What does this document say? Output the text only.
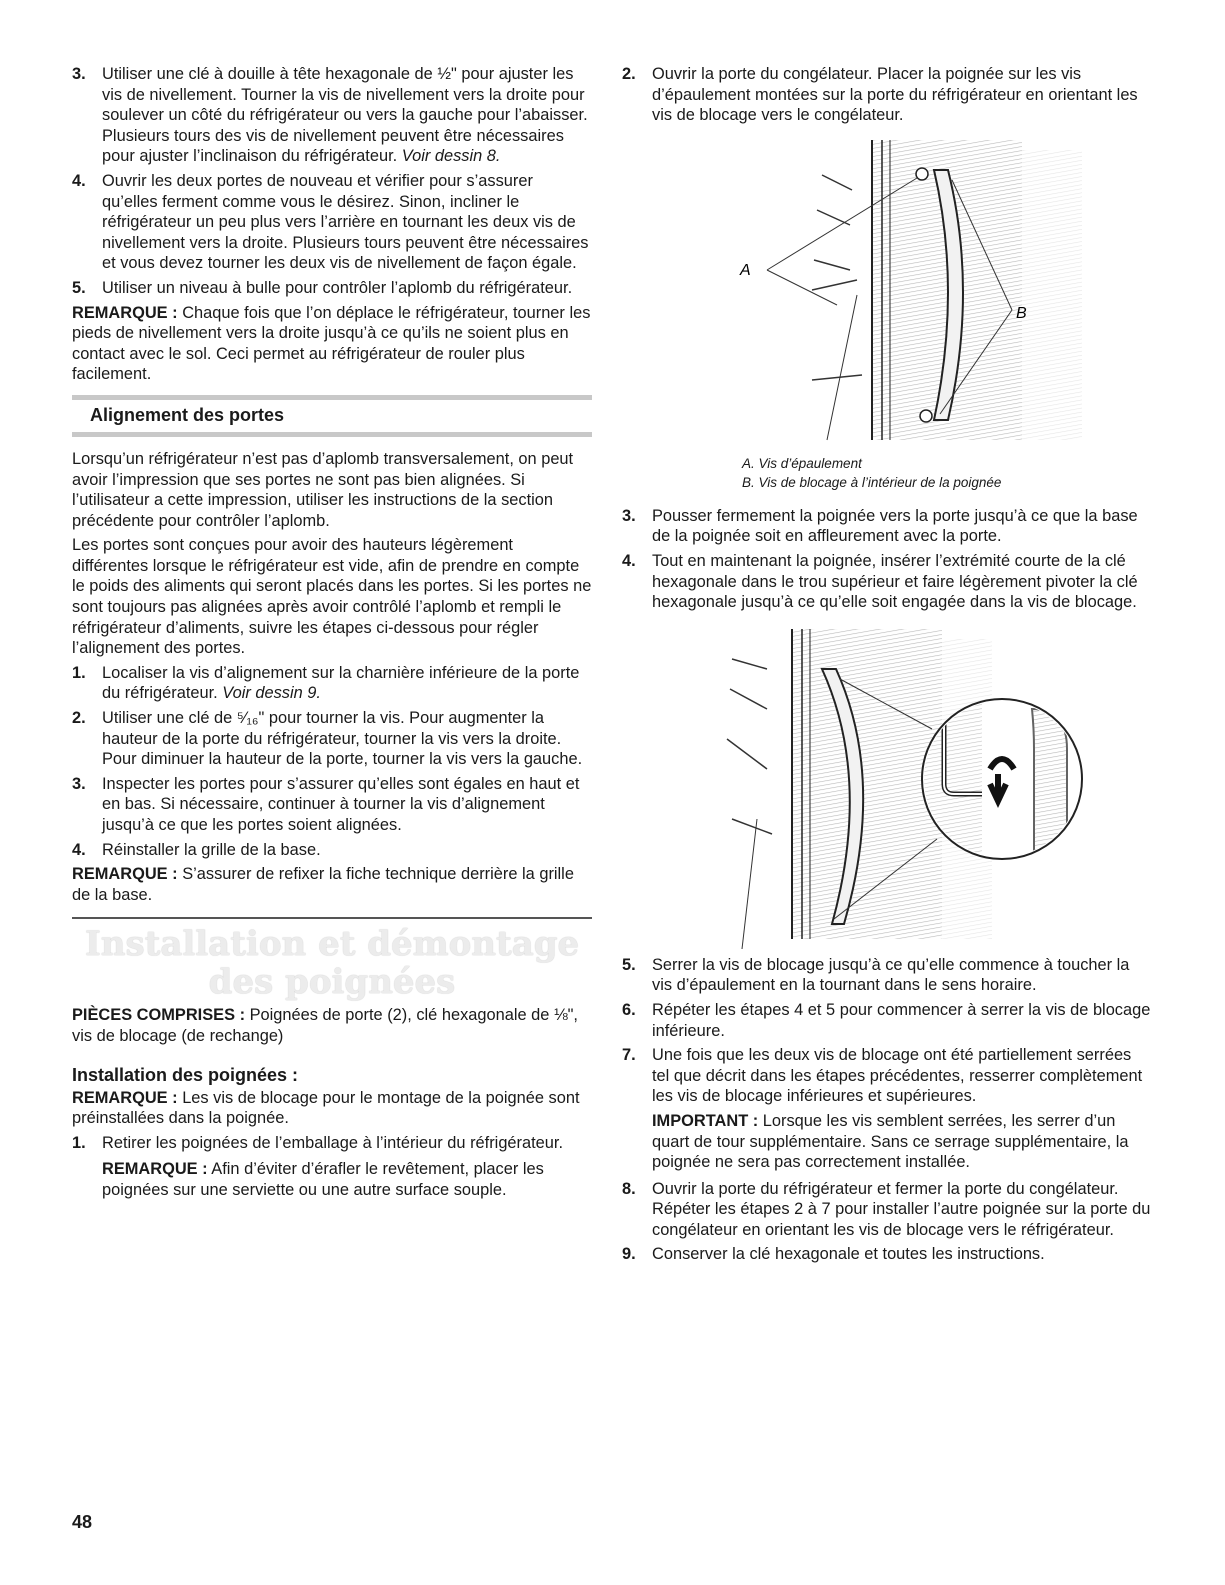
3. Utiliser une clé à douille à tête hexagonale de ½" pour ajuster les vis de nivellement. Tourner la vis de nivellement vers la droite pour soulever un côté du réfrigérateur ou vers la gauche pour l’abaisser. Plusieurs tours des vis de nivellement peuvent être nécessaires pour ajuster l’inclinaison du réfrigérateur. Voir dessin 8.
4. Ouvrir les deux portes de nouveau et vérifier pour s’assurer qu’elles ferment comme vous le désirez. Sinon, incliner le réfrigérateur un peu plus vers l’arrière en tournant les deux vis de nivellement vers la droite. Plusieurs tours peuvent être nécessaires et vous devez tourner les deux vis de nivellement de façon égale.
5. Utiliser un niveau à bulle pour contrôler l’aplomb du réfrigérateur.

REMARQUE : Chaque fois que l’on déplace le réfrigérateur, tourner les pieds de nivellement vers la droite jusqu’à ce qu’ils ne soient plus en contact avec le sol. Ceci permet au réfrigérateur de rouler plus facilement.

Alignement des portes

Lorsqu’un réfrigérateur n’est pas d’aplomb transversalement, on peut avoir l’impression que ses portes ne sont pas bien alignées. Si l’utilisateur a cette impression, utiliser les instructions de la section précédente pour contrôler l’aplomb.

Les portes sont conçues pour avoir des hauteurs légèrement différentes lorsque le réfrigérateur est vide, afin de prendre en compte le poids des aliments qui seront placés dans les portes. Si les portes ne sont toujours pas alignées après avoir contrôlé l’aplomb et rempli le réfrigérateur d’aliments, suivre les étapes ci-dessous pour régler l’alignement des portes.

1. Localiser la vis d’alignement sur la charnière inférieure de la porte du réfrigérateur. Voir dessin 9.
2. Utiliser une clé de ⁵⁄₁₆" pour tourner la vis. Pour augmenter la hauteur de la porte du réfrigérateur, tourner la vis vers la droite. Pour diminuer la hauteur de la porte, tourner la vis vers la gauche.
3. Inspecter les portes pour s’assurer qu’elles sont égales en haut et en bas. Si nécessaire, continuer à tourner la vis d’alignement jusqu’à ce que les portes soient alignées.
4. Réinstaller la grille de la base.

REMARQUE : S’assurer de refixer la fiche technique derrière la grille de la base.

Installation et démontage
des poignées

PIÈCES COMPRISES : Poignées de porte (2), clé hexagonale de ⅛", vis de blocage (de rechange)

Installation des poignées :

REMARQUE : Les vis de blocage pour le montage de la poignée sont préinstallées dans la poignée.

1. Retirer les poignées de l’emballage à l’intérieur du réfrigérateur.

REMARQUE : Afin d’éviter d’érafler le revêtement, placer les poignées sur une serviette ou une autre surface souple.

2. Ouvrir la porte du congélateur. Placer la poignée sur les vis d’épaulement montées sur la porte du réfrigérateur en orientant les vis de blocage vers le congélateur.
A
B
A. Vis d’épaulement
B. Vis de blocage à l’intérieur de la poignée
3. Pousser fermement la poignée vers la porte jusqu’à ce que la base de la poignée soit en affleurement avec la porte.
4. Tout en maintenant la poignée, insérer l’extrémité courte de la clé hexagonale dans le trou supérieur et faire légèrement pivoter la clé hexagonale jusqu’à ce qu’elle soit engagée dans la vis de blocage.
5. Serrer la vis de blocage jusqu’à ce qu’elle commence à toucher la vis d’épaulement en la tournant dans le sens horaire.
6. Répéter les étapes 4 et 5 pour commencer à serrer la vis de blocage inférieure.
7. Une fois que les deux vis de blocage ont été partiellement serrées tel que décrit dans les étapes précédentes, resserrer complètement les vis de blocage inférieures et supérieures.

IMPORTANT : Lorsque les vis semblent serrées, les serrer d’un quart de tour supplémentaire. Sans ce serrage supplémentaire, la poignée ne sera pas correctement installée.

8. Ouvrir la porte du réfrigérateur et fermer la porte du congélateur. Répéter les étapes 2 à 7 pour installer l’autre poignée sur la porte du congélateur en orientant les vis de blocage vers le réfrigérateur.
9. Conserver la clé hexagonale et toutes les instructions.
48
